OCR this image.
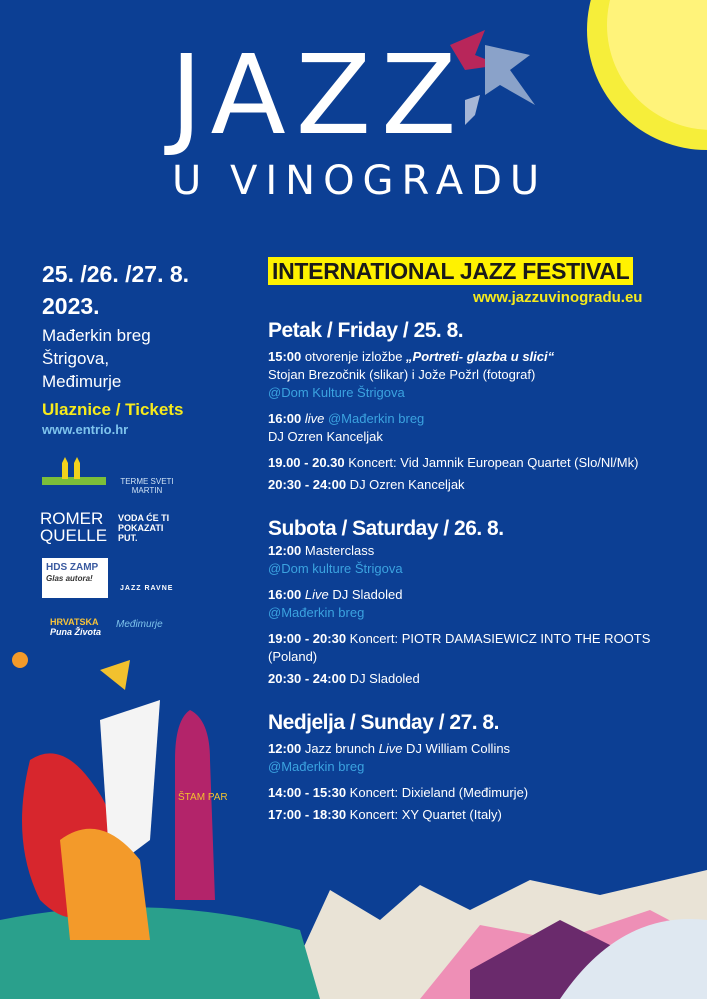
JAZZ
U VINOGRADU
25. /26. /27. 8.
2023.
Mađerkin breg
Štrigova,
Međimurje
Ulaznice / Tickets
www.entrio.hr
TERME SVETI MARTIN
ROMER QUELLE
VODA ĆE TI POKAZATI PUT.
HDS ZAMP
Glas autora!
JAZZ RAVNE
HRVATSKA
Puna Života
Međimurje
INTERNATIONAL JAZZ FESTIVAL
www.jazzuvinogradu.eu
Petak / Friday / 25. 8.
15:00 otvorenje izložbe „Portreti- glazba u slici“
Stojan Brezočnik (slikar) i Jože Požrl (fotograf)
@Dom Kulture Štrigova
16:00 live @Mađerkin breg
DJ Ozren Kanceljak
19.00 - 20.30 Koncert: Vid Jamnik European Quartet (Slo/Nl/Mk)
20:30 - 24:00 DJ Ozren Kanceljak
Subota / Saturday / 26. 8.
12:00 Masterclass
@Dom kulture Štrigova
16:00 Live DJ Sladoled
@Mađerkin breg
19:00 - 20:30 Koncert: PIOTR DAMASIEWICZ INTO THE ROOTS
(Poland)
20:30 - 24:00 DJ Sladoled
Nedjelja / Sunday / 27. 8.
12:00 Jazz brunch Live DJ William Collins
@Mađerkin breg
14:00 - 15:30 Koncert: Dixieland (Međimurje)
17:00 - 18:30 Koncert: XY Quartet (Italy)
ŠTAM PAR
